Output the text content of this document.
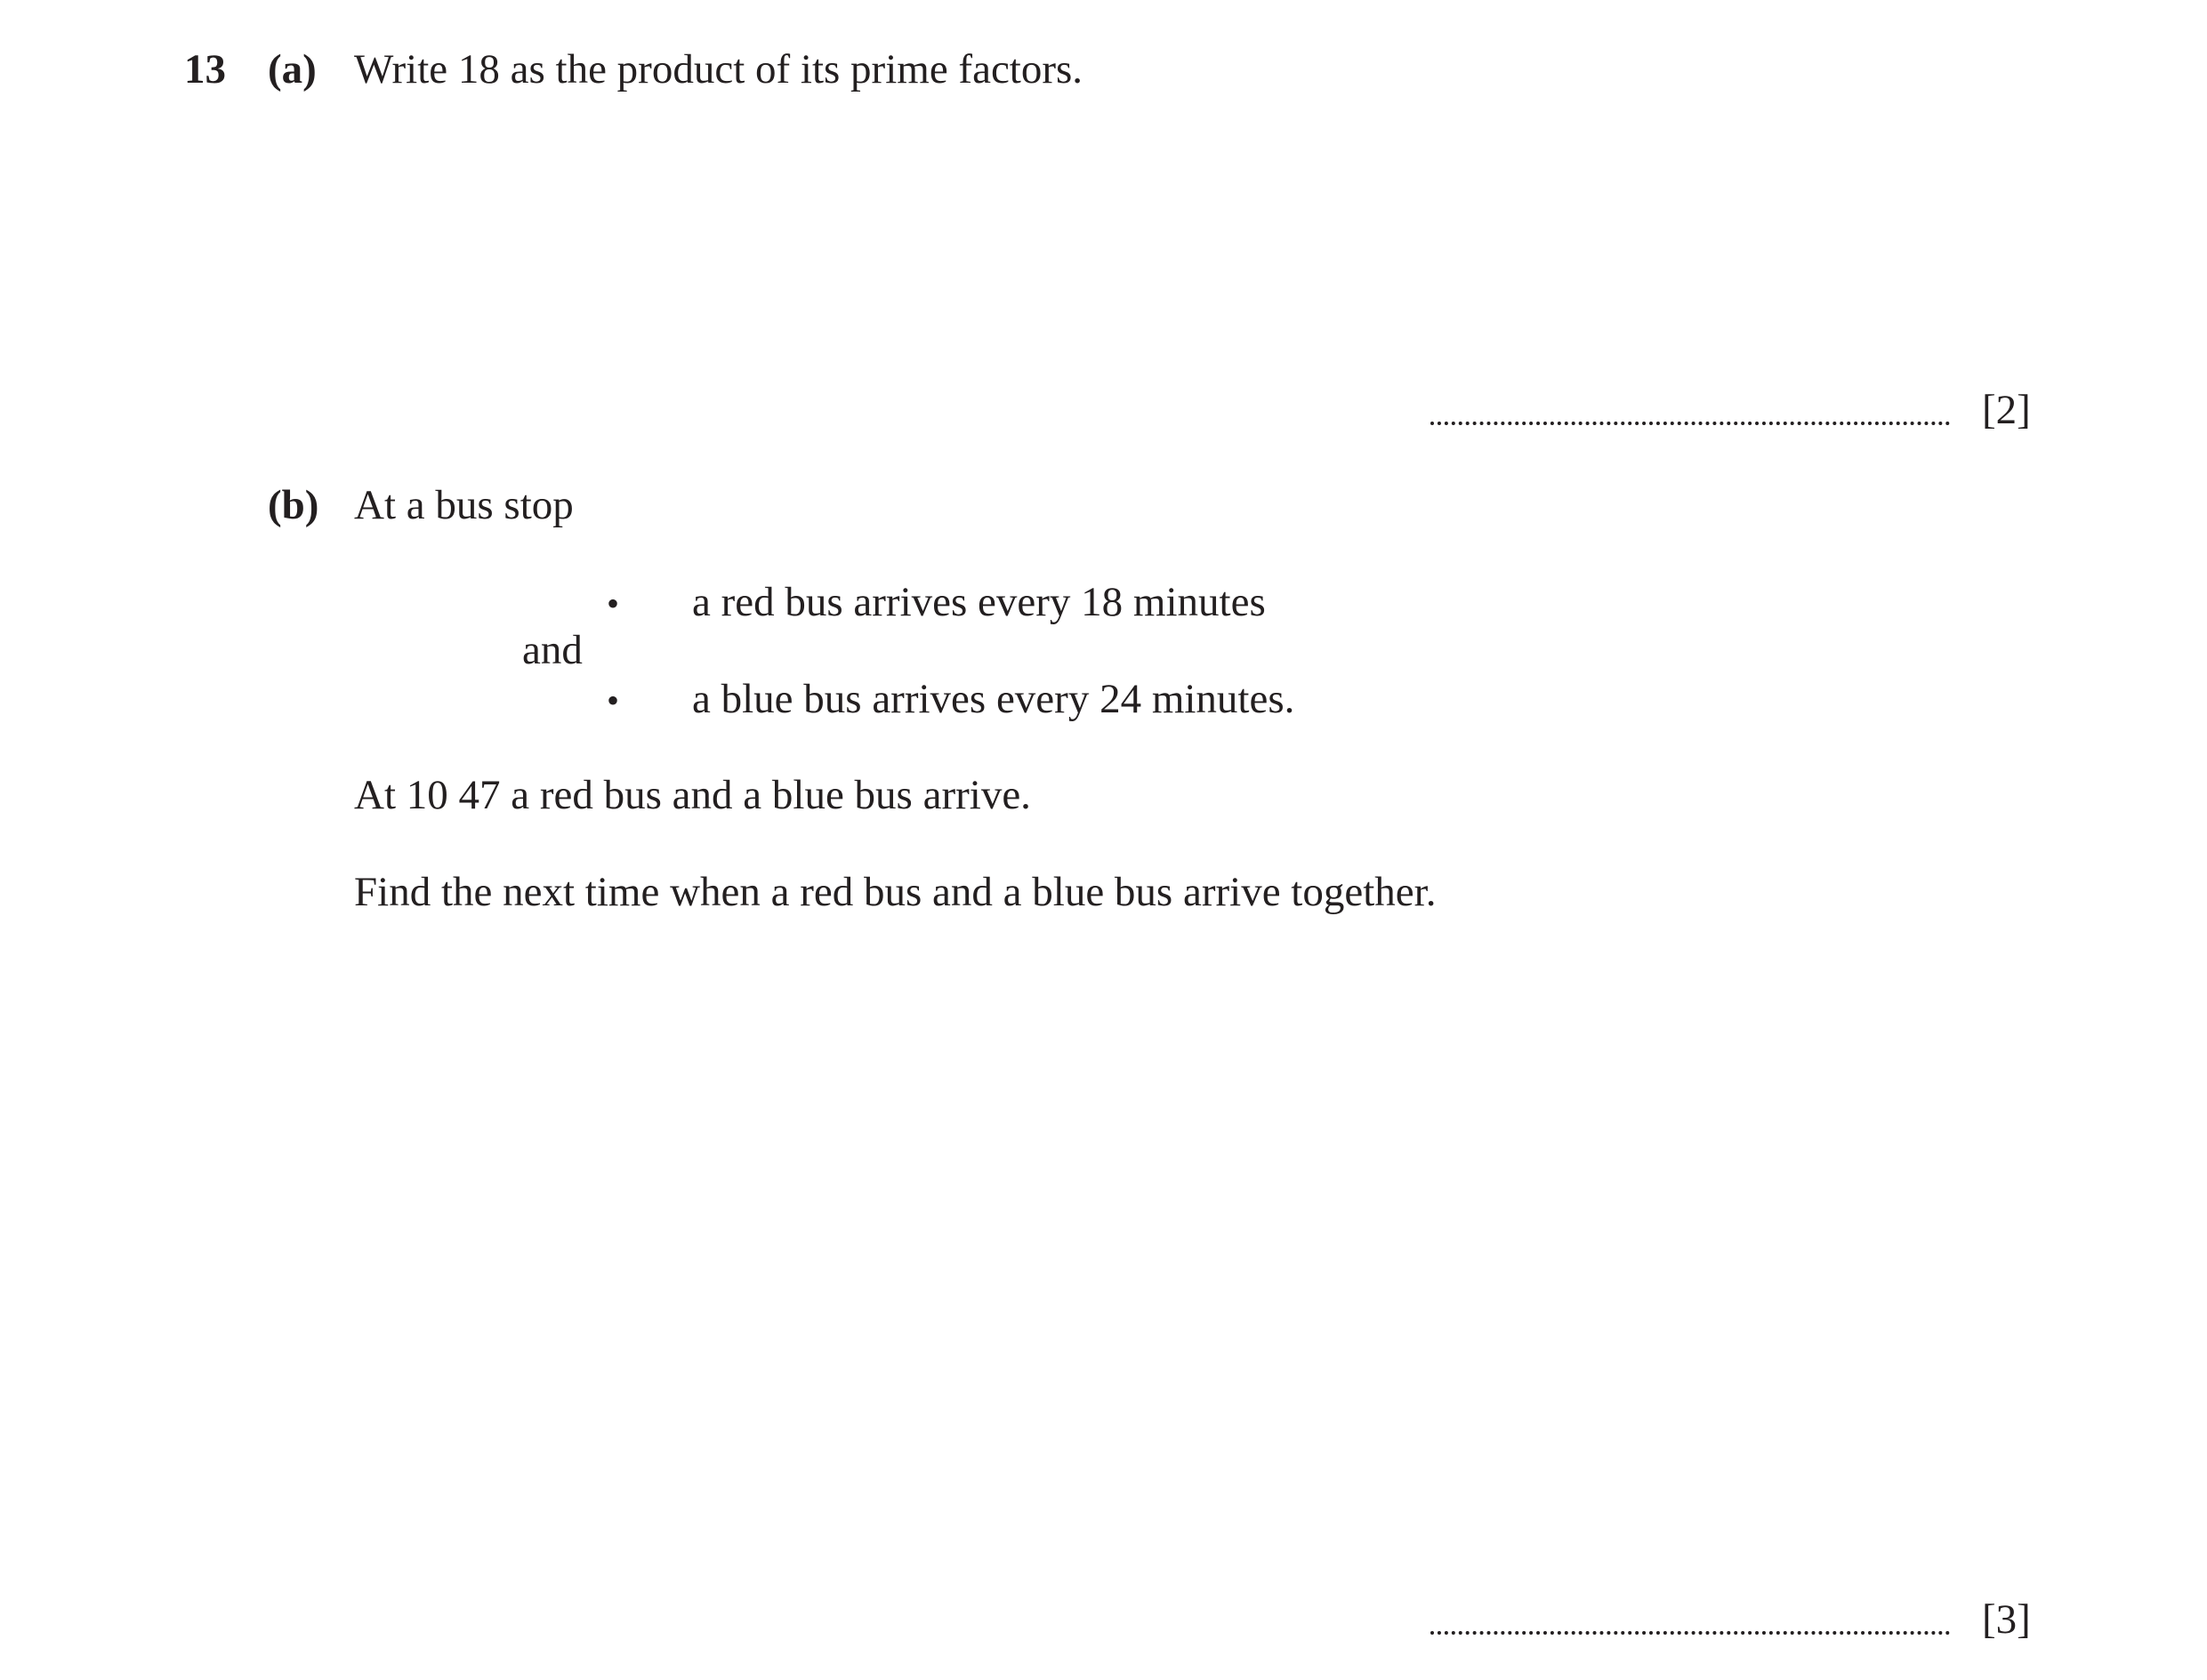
13 (a) Write 18 as the product of its prime factors.
[2]
(b) At a bus stop
• a red bus arrives every 18 minutes
and
• a blue bus arrives every 24 minutes.
At 10 47 a red bus and a blue bus arrive.
Find the next time when a red bus and a blue bus arrive together.
[3]
